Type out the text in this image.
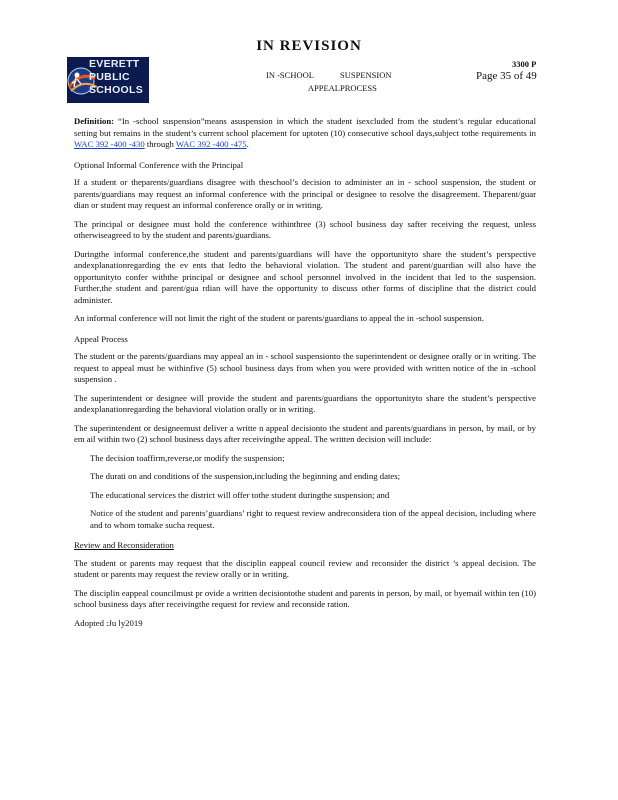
IN REVISION
EVERETT
PUBLIC
SCHOOLS
IN -SCHOOL	SUSPENSION
APPEAL PROCESS
3300 P
Page 35 of 49

Definition: “In -school suspension”means asuspension in which the student isexcluded from the student’s regular educational setting but remains in the student’s current school placement for uptoten (10) consecutive school days,subject tothe requirements in WAC 392 -400 -430 through WAC 392 -400 -475.

Optional Informal Conference with the Principal

If a student or theparents/guardians disagree with theschool’s decision to administer an in - school suspension, the student or parents/guardians may request an informal conference with the principal or designee to resolve the disagreement. Theparent/guar dian or student may request an informal conference orally or in writing.

The principal or designee must hold the conference withinthree (3) school business day safter receiving the request, unless otherwiseagreed to by the student and parents/guardians.

Duringthe informal conference,the student and parents/guardians will have the opportunityto share the student’s perspective andexplanationregarding the ev ents that ledto the behavioral violation. The student and parent/guardian will also have the opportunityto confer withthe principal or designee and school personnel involved in the incident that led to the suspension. Further,the student and parent/gua rdian will have the opportunity to discuss other forms of discipline that the district could administer.

An informal conference will not limit the right of the student or parents/guardians to appeal the in -school suspension.

Appeal Process

The student or the parents/guardians may appeal an in - school suspensionto the superintendent or designee orally or in writing. The request to appeal must be withinfive (5) school business days from when you were provided with written notice of the in -school suspension .

The superintendent or designee will provide the student and parents/guardians the opportunityto share the student’s perspective andexplanationregarding the behavioral violation orally or in writing.

The superintendent or designeemust deliver a writte n appeal decisionto the student and parents/guardians in person, by mail, or by em ail within two (2) school business days after receivingthe appeal. The written decision will include:

The decision toaffirm,reverse,or modify the suspension;
The durati on and conditions of the suspension,including the beginning and ending dates;
The educational services the district will offer tothe student duringthe suspension; and
Notice of the student and parents’guardians’ right to request review andreconsidera tion of the appeal decision, including where and to whom tomake sucha request.

Review and Reconsideration

The student or parents may request that the disciplin eappeal council review and reconsider the district ’s appeal decision. The student or parents may request the review orally or in writing.

The disciplin eappeal councilmust pr ovide a written decisiontothe student and parents in person, by mail, or byemail within ten (10) school business days after receivingthe request for review and reconside ration.

Adopted :Ju ly2019
